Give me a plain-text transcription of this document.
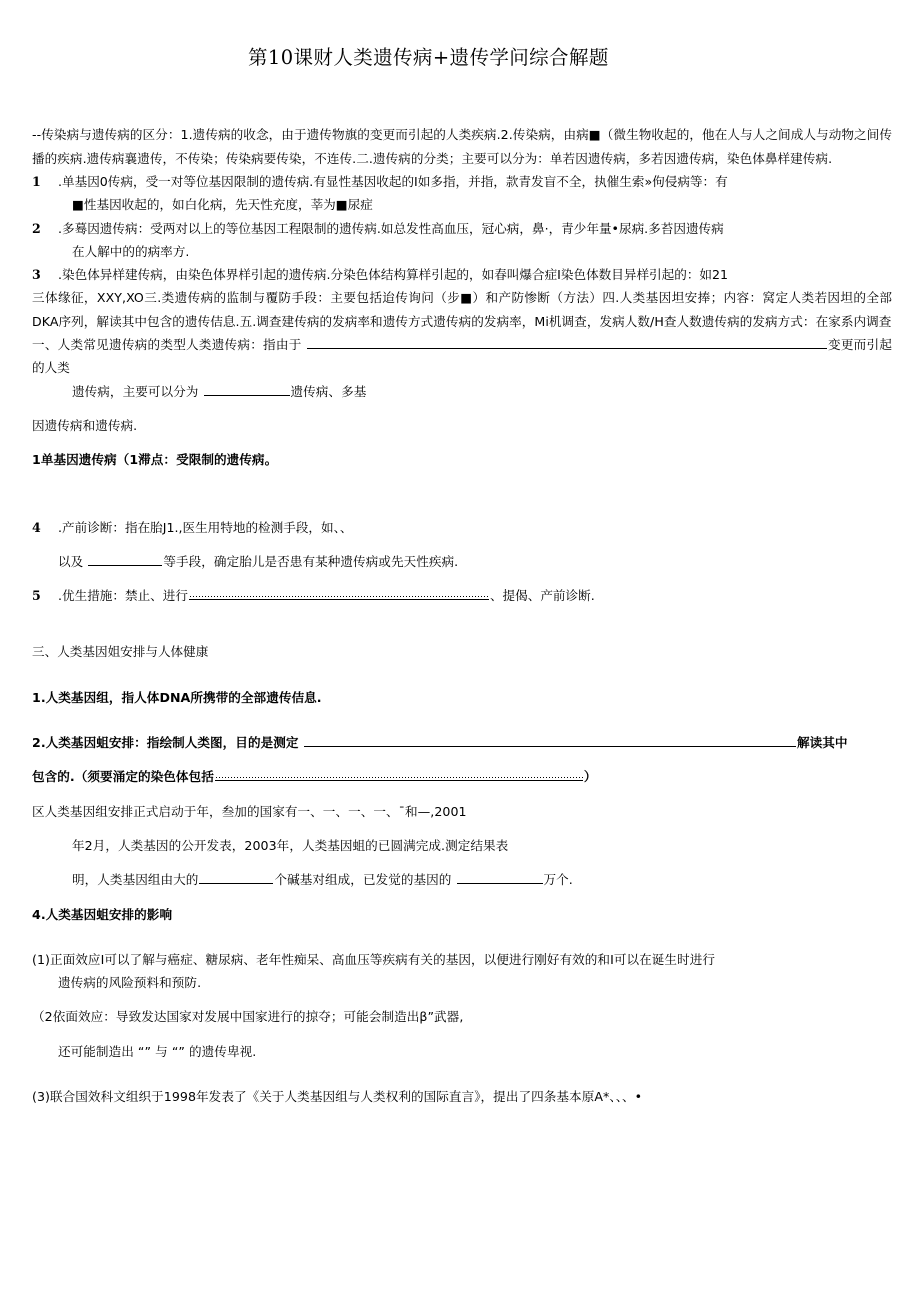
第10课财人类遗传病+遗传学问综合解题

--传染病与遗传病的区分：1.遗传病的收念，由于遗传物旗的变更而引起的人类疾病.2.传染病，由病■（微生物收起的，他在人与人之间成人与动物之间传播的疾病.遗传病襄遗传，不传染；传染病要传染，不连传.二.遗传病的分类；主要可以分为：单若因遗传病，多若因遗传病，染色体鼻样建传病.

1 .单基因0传病，受一对等位基因限制的遗传病.有显性基因收起的I如多指，并指，款青发盲不全，执催生索»佝侵病等：有
■性基因收起的，如白化病，先天性充度，莘为■尿症
2 .多蓦因遗传病：受两对以上的等位基因工程限制的遗传病.如总发性高血压，冠心病，鼻·，青少年量•尿病.多苔因遗传病
在人解中的的病率方.
3 .染色体异样建传病，由染色体界样引起的遗传病.分染色体结构算样引起的，如春叫爆合症I染色体数目异样引起的：如21

三体缘征，XXY,XO三.类遗传病的监制与覆防手段：主要包括迨传询问（步■）和产防惨断（方法）四.人类基因坦安捧；内容：窝定人类若因坦的全部DKA序列，解读其中包含的遗传佶息.五.调查建传病的发病率和遗传方式遗传病的发病率，Mi机调查，发病人数/H查人数遗传病的发病方式：在家系内调查

一、人类常见遗传病的类型人类遗传病：指由于	变更而引起的人类

遗传病，主要可以分为	遗传病、多基

因遗传病和遗传病.

1单基因遗传病（1滞点：受限制的遗传病。

4 .产前诊断：指在胎J1.,医生用特地的检测手段，如、、

以及	等手段，确定胎儿是否患有某种遗传病或先天性疾病.

5 .优生措施：禁止、进行	、提偈、产前诊断.

三、人类基因姐安排与人体健康

1.人类基因组，指人体DNA所携带的全部遗传佶息.

2.人类基因蛆安排：指绘制人类图，目的是测定	解读其中

包含的.（须要涌定的染色体包括	）

区人类基因组安排正式启动于年，叁加的国家有一、一、一、一、¯和—,2001

年2月，人类基因的公开发表，2003年，人类基因蛆的已圆满完成.测定结果表

明，人类基因组由大的	个碱基对组成，已发觉的基因的	万个.

4.人类基因蛆安排的影响

(1)正面效应I可以了解与癌症、糖尿病、老年性痴呆、高血压等疾病有关的基因，以便进行刚好有效的和I可以在诞生时进行

遗传病的风险预料和预防.

（2依面效应：导致发达国家对发展中国家进行的掠夺；可能会制造出β”武器,

还可能制造出 “” 与 “” 的遗传卑视.

(3)联合国效科文组织于1998年发表了《关于人类基因组与人类权利的国际直言》，提出了四条基本原A*、、、•
